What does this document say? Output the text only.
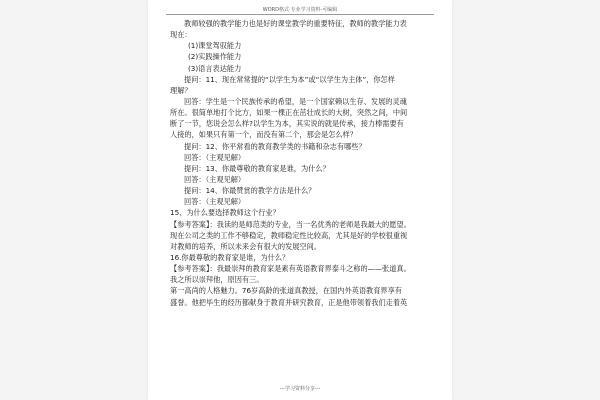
WORD格式·专业学习资料·可编辑
教师较强的教学能力也是好的课堂教学的重要特征，教师的教学能力表
现在：
(1)课堂驾驭能力
(2)实践操作能力
(3)语言表达能力
提问：11、现在常常提的“以学生为本”或“以学生为主体”，你怎样
理解？
回答：学生是一个民族传承的希望，是一个国家赖以生存、发展的灵魂
所在。很简单地打个比方，如果一棵正在茁壮成长的大树，突然之间，中间
断了一节，您说会怎么样?以学生为本，其实说的就是传承，接力棒需要有
人接的，如果只有第一个，而没有第二个，那会是怎么样？
提问：12、你平常看的教育教学类的书籍和杂志有哪些？
回答：（主观见解）
提问：13、你最尊敬的教育家是谁，为什么？
回答：（主观见解）
提问：14、你最赞赏的教学方法是什么？
回答：（主观见解）
15、为什么要选择教师这个行业？
【参考答案】：我读的是师范类的专业，当一名优秀的老师是我最大的愿望。
现在公司之类的工作不够稳定，教师稳定性比较高，尤其是好的学校很重视
对教师的培养，所以未来会有很大的发展空间。
16.你最尊敬的教育家是谁，为什么？
【参考答案】：我最崇拜的教育家是素有英语教育界泰斗之称的——张道真。
我之所以崇拜他，原因有三。
第一高尚的人格魅力。76岁高龄的张道真教授，在国内外英语教育界享有
盛誉。他把毕生的经历都献身于教育并研究教育，正是他带领着我们走着英
---学习资料分享---
